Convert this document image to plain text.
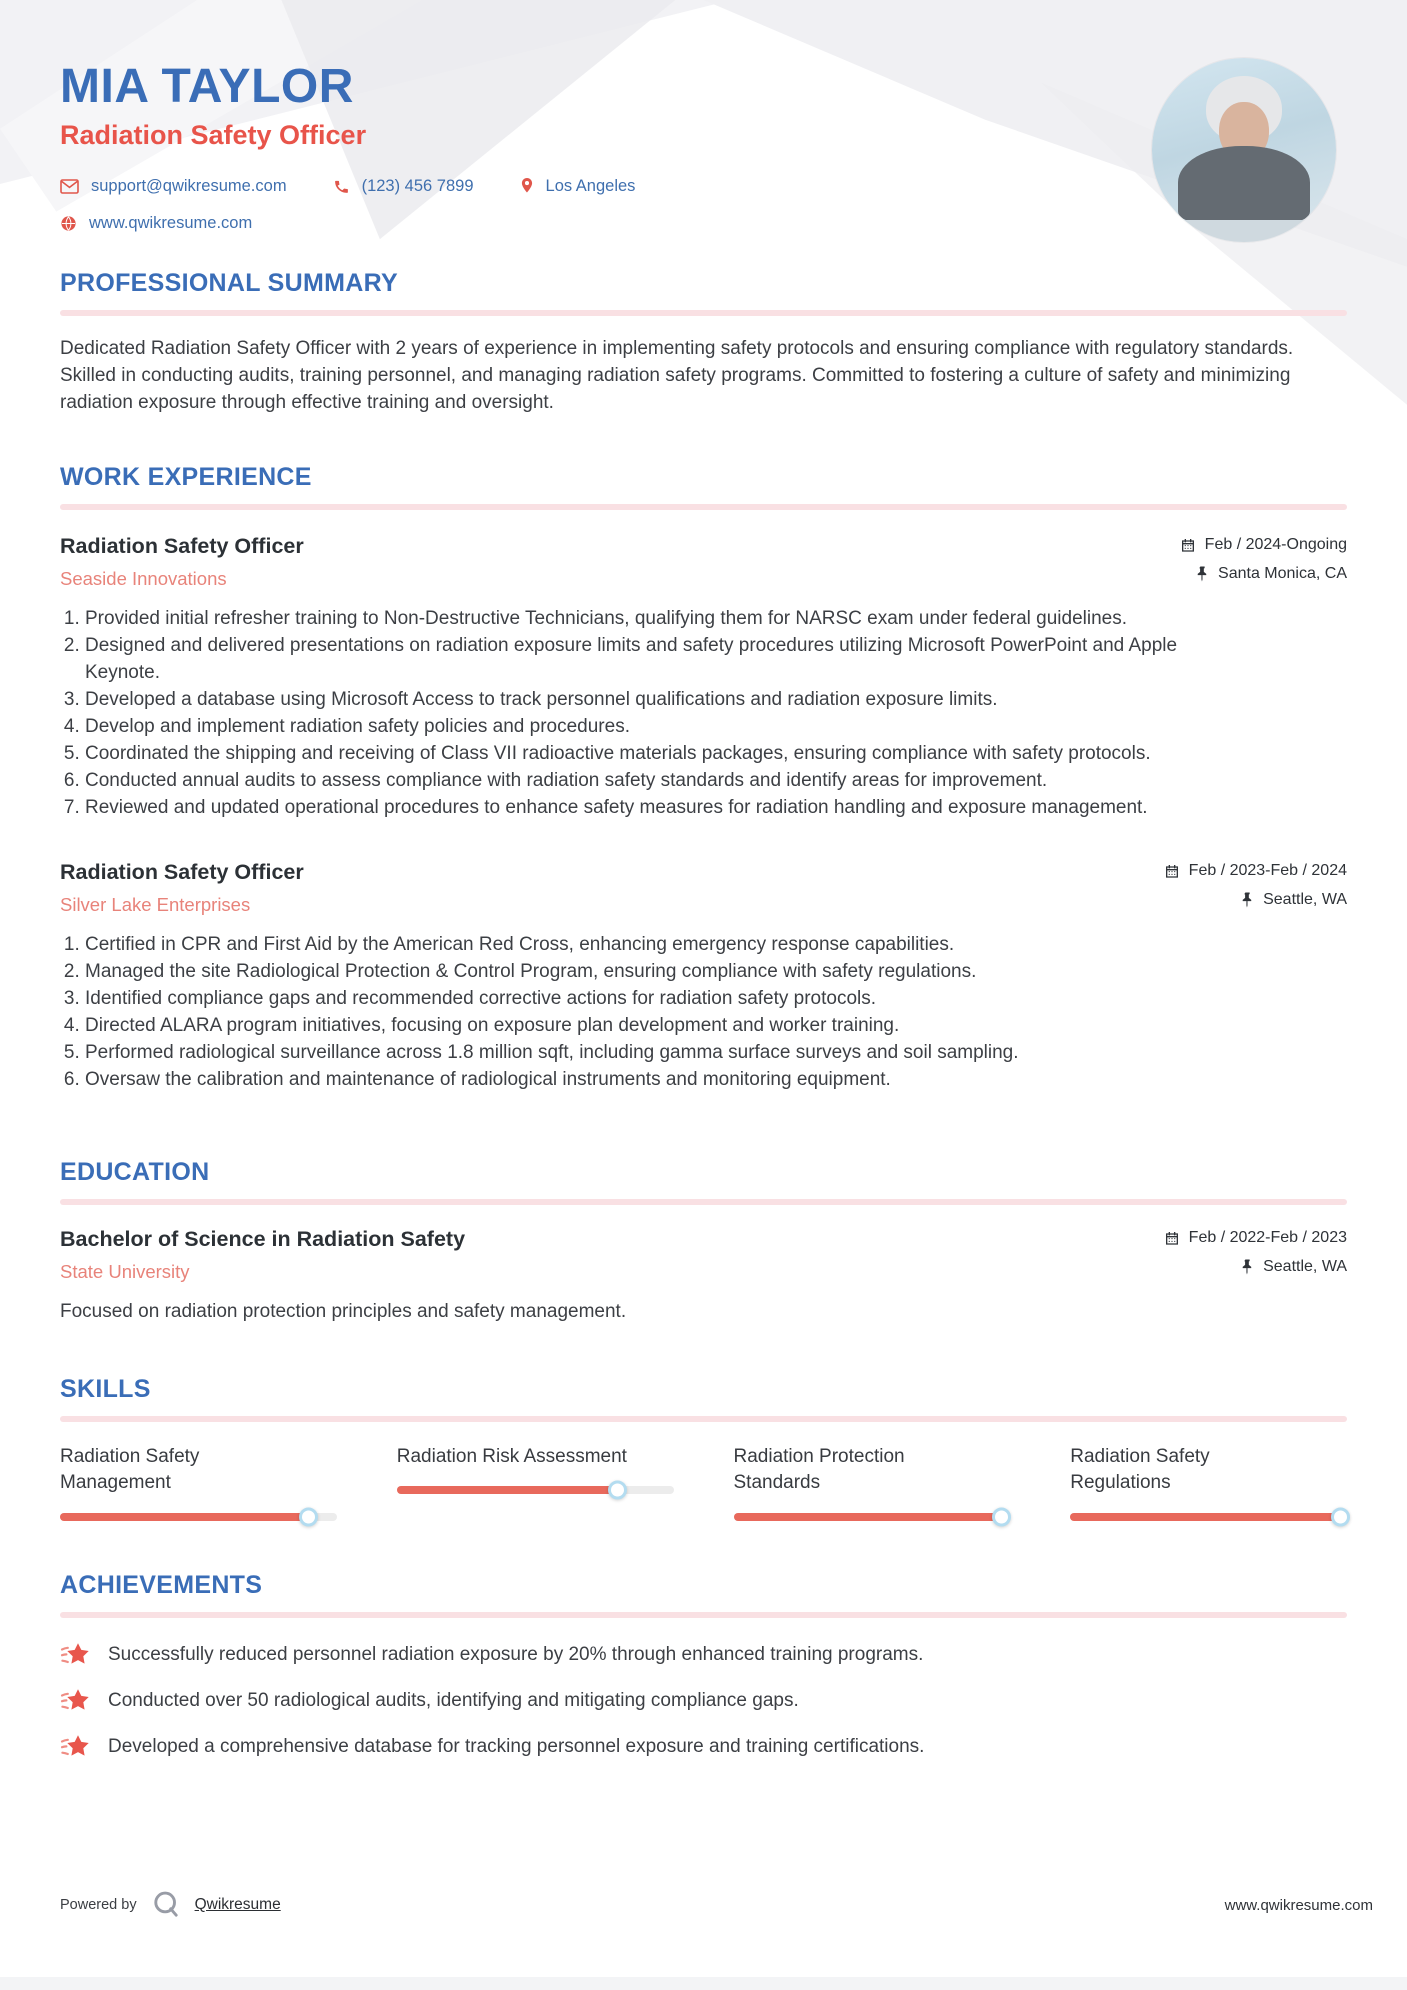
MIA TAYLOR
Radiation Safety Officer
support@qwikresume.com	(123) 456 7899	Los Angeles
www.qwikresume.com
PROFESSIONAL SUMMARY

Dedicated Radiation Safety Officer with 2 years of experience in implementing safety protocols and ensuring compliance with regulatory standards. Skilled in conducting audits, training personnel, and managing radiation safety programs. Committed to fostering a culture of safety and minimizing radiation exposure through effective training and oversight.

WORK EXPERIENCE
Radiation Safety Officer
Seaside Innovations
Feb / 2024-Ongoing
Santa Monica, CA
1. Provided initial refresher training to Non-Destructive Technicians, qualifying them for NARSC exam under federal guidelines.
2. Designed and delivered presentations on radiation exposure limits and safety procedures utilizing Microsoft PowerPoint and Apple Keynote.
3. Developed a database using Microsoft Access to track personnel qualifications and radiation exposure limits.
4. Develop and implement radiation safety policies and procedures.
5. Coordinated the shipping and receiving of Class VII radioactive materials packages, ensuring compliance with safety protocols.
6. Conducted annual audits to assess compliance with radiation safety standards and identify areas for improvement.
7. Reviewed and updated operational procedures to enhance safety measures for radiation handling and exposure management.
Radiation Safety Officer
Silver Lake Enterprises
Feb / 2023-Feb / 2024
Seattle, WA
1. Certified in CPR and First Aid by the American Red Cross, enhancing emergency response capabilities.
2. Managed the site Radiological Protection & Control Program, ensuring compliance with safety regulations.
3. Identified compliance gaps and recommended corrective actions for radiation safety protocols.
4. Directed ALARA program initiatives, focusing on exposure plan development and worker training.
5. Performed radiological surveillance across 1.8 million sqft, including gamma surface surveys and soil sampling.
6. Oversaw the calibration and maintenance of radiological instruments and monitoring equipment.
EDUCATION
Bachelor of Science in Radiation Safety
State University
Feb / 2022-Feb / 2023
Seattle, WA

Focused on radiation protection principles and safety management.

SKILLS
Radiation Safety Management
Radiation Risk Assessment	Radiation Protection Standards
Radiation Safety Regulations
ACHIEVEMENTS
Successfully reduced personnel radiation exposure by 20% through enhanced training programs.
Conducted over 50 radiological audits, identifying and mitigating compliance gaps.
Developed a comprehensive database for tracking personnel exposure and training certifications.
Powered by	Qwikresume	www.qwikresume.com
